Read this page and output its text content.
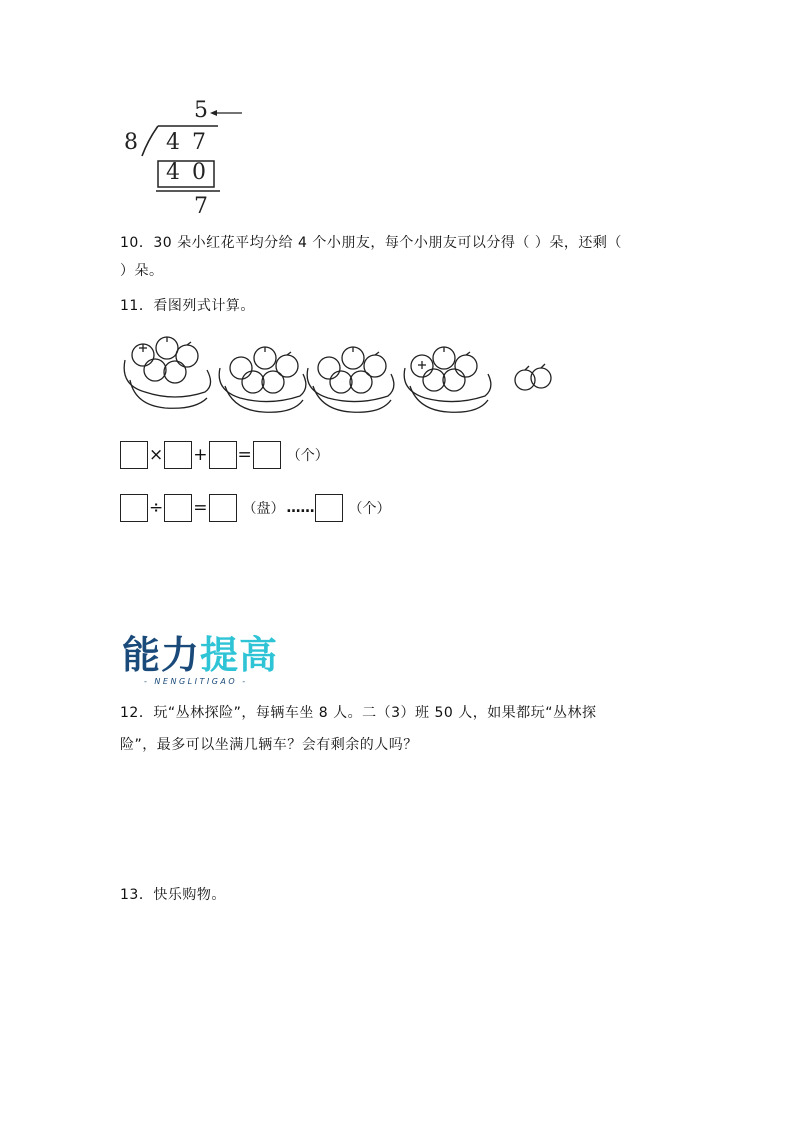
5
8 4 7
4 0
7
10．30 朵小红花平均分给 4 个小朋友，每个小朋友可以分得（ ）朵，还剩（
）朵。
11．看图列式计算。
× + =	（个）
÷ =	（盘） …… （个）
能力提高
- NENGLITIGAO -
12．玩“丛林探险”，每辆车坐 8 人。二（3）班 50 人，如果都玩“丛林探
险”，最多可以坐满几辆车？会有剩余的人吗？
13．快乐购物。
